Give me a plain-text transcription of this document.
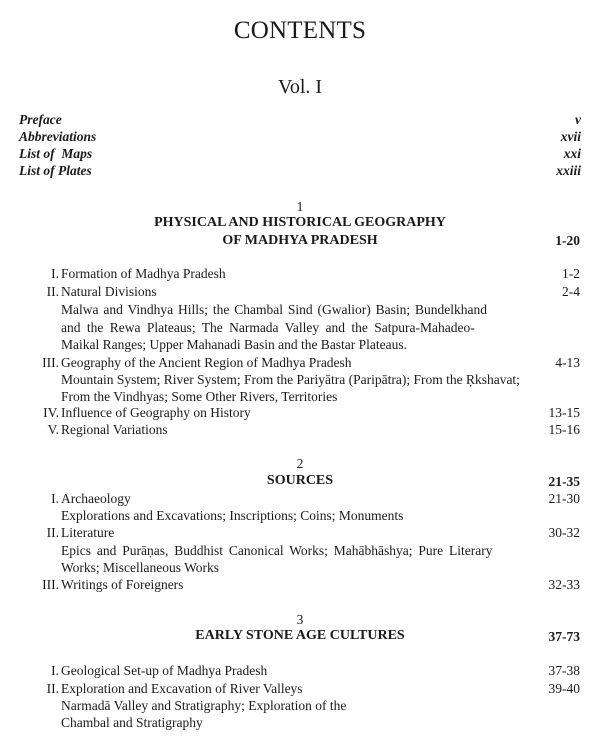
CONTENTS
Vol. I
Preface	v
Abbreviations	xvii
List of  Maps	xxi
List of Plates	xxiii
1
PHYSICAL AND HISTORICAL GEOGRAPHY
OF MADHYA PRADESH	1-20
I. Formation of Madhya Pradesh	1-2
II. Natural Divisions	2-4
Malwa and Vindhya Hills; the Chambal Sind (Gwalior) Basin; Bundelkhand
and the Rewa Plateaus; The Narmada Valley and the Satpura-Mahadeo-
Maikal Ranges; Upper Mahanadi Basin and the Bastar Plateaus.
III. Geography of the Ancient Region of Madhya Pradesh	4-13
Mountain System; River System; From the Pariyātra (Paripātra); From the Ṛkshavat;
From the Vindhyas; Some Other Rivers, Territories
IV. Influence of Geography on History	13-15
V. Regional Variations	15-16
2
SOURCES	21-35
I. Archaeology	21-30
Explorations and Excavations; Inscriptions; Coins; Monuments
II. Literature	30-32
Epics and Purāṇas, Buddhist Canonical Works; Mahābhāshya; Pure Literary
Works; Miscellaneous Works
III. Writings of Foreigners	32-33
3
EARLY STONE AGE CULTURES	37-73
I. Geological Set-up of Madhya Pradesh	37-38
II. Exploration and Excavation of River Valleys	39-40
Narmadā Valley and Stratigraphy; Exploration of the
Chambal and Stratigraphy
